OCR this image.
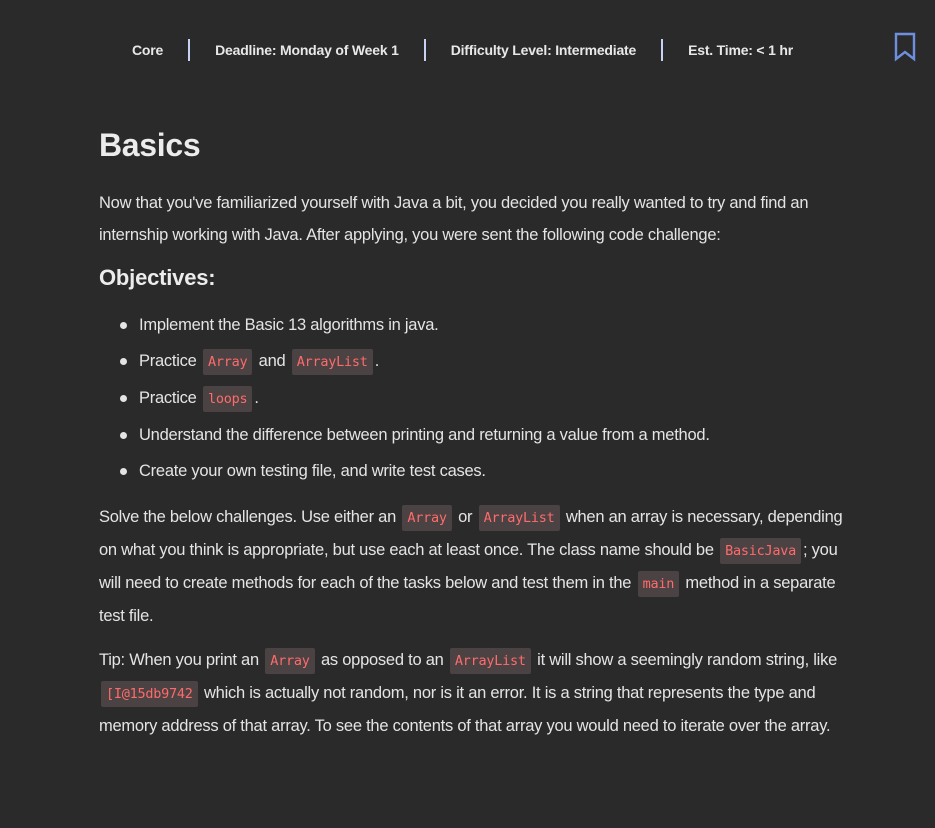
Core	Deadline: Monday of Week 1	Difficulty Level: Intermediate	Est. Time: < 1 hr
Basics

Now that you've familiarized yourself with Java a bit, you decided you really wanted to try and find an internship working with Java. After applying, you were sent the following code challenge:

Objectives:
Implement the Basic 13 algorithms in java.
Practice Array and ArrayList .
Practice loops .
Understand the difference between printing and returning a value from a method.
Create your own testing file, and write test cases.

Solve the below challenges. Use either an Array or ArrayList when an array is necessary, depending on what you think is appropriate, but use each at least once. The class name should be BasicJava ; you will need to create methods for each of the tasks below and test them in the main method in a separate test file.

Tip: When you print an Array as opposed to an ArrayList it will show a seemingly random string, like [I@15db9742 which is actually not random, nor is it an error. It is a string that represents the type and memory address of that array. To see the contents of that array you would need to iterate over the array.
